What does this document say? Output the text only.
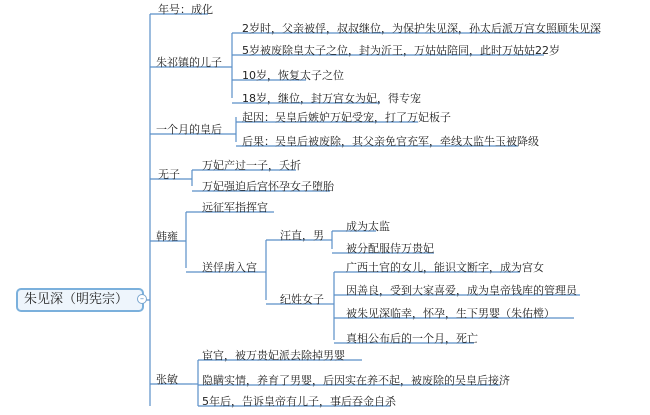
朱见深（明宪宗）	–
年号：成化
朱祁镇的儿子
2岁时，父亲被俘，叔叔继位，为保护朱见深，孙太后派万宫女照顾朱见深
5岁被废除皇太子之位，封为沂王，万姑姑陪同，此时万姑姑22岁
10岁，恢复太子之位
18岁，继位，封万宫女为妃，得专宠
一个月的皇后
起因：吴皇后嫉妒万妃受宠，打了万妃板子
后果：吴皇后被废除，其父亲免官充军，牵线太监牛玉被降级
无子
万妃产过一子，夭折
万妃强迫后宫怀孕女子堕胎
韩雍
远征军指挥官
送俘虏入宫
汪直，男
成为太监
被分配服侍万贵妃
纪姓女子
广西土官的女儿，能识文断字，成为宫女
因善良，受到大家喜爱，成为皇帝钱库的管理员
被朱见深临幸，怀孕，生下男婴（朱佑樘）
真相公布后的一个月，死亡
张敏
宦官，被万贵妃派去除掉男婴
隐瞒实情，养育了男婴，后因实在养不起，被废除的吴皇后接济
5年后，告诉皇帝有儿子，事后吞金自杀
